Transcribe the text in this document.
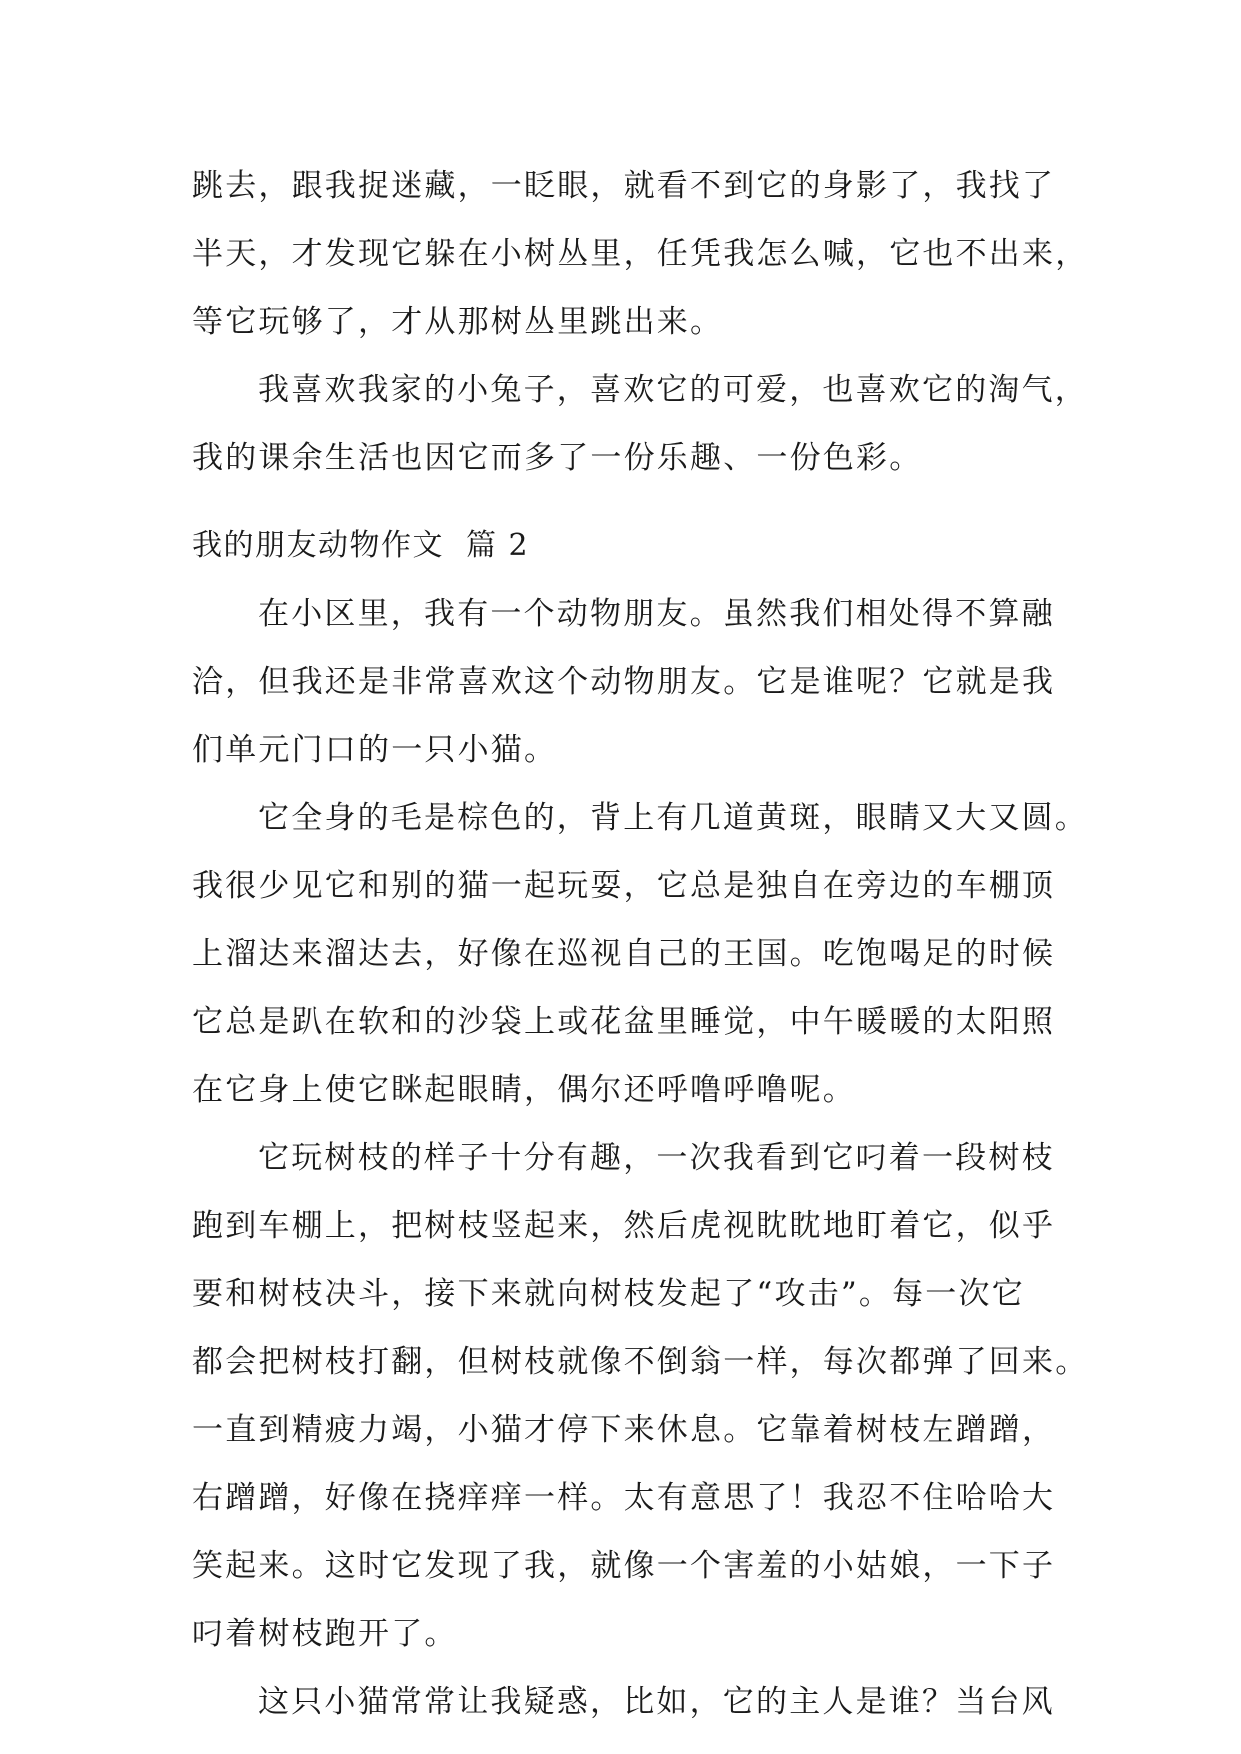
跳去，跟我捉迷藏，一眨眼，就看不到它的身影了，我找了
半天，才发现它躲在小树丛里，任凭我怎么喊，它也不出来，
等它玩够了，才从那树丛里跳出来。
我喜欢我家的小兔子，喜欢它的可爱，也喜欢它的淘气，
我的课余生活也因它而多了一份乐趣、一份色彩。
我的朋友动物作文 篇 2
在小区里，我有一个动物朋友。虽然我们相处得不算融
洽，但我还是非常喜欢这个动物朋友。它是谁呢？它就是我
们单元门口的一只小猫。
它全身的毛是棕色的，背上有几道黄斑，眼睛又大又圆。
我很少见它和别的猫一起玩耍，它总是独自在旁边的车棚顶
上溜达来溜达去，好像在巡视自己的王国。吃饱喝足的时候
它总是趴在软和的沙袋上或花盆里睡觉，中午暖暖的太阳照
在它身上使它眯起眼睛，偶尔还呼噜呼噜呢。
它玩树枝的样子十分有趣，一次我看到它叼着一段树枝
跑到车棚上，把树枝竖起来，然后虎视眈眈地盯着它，似乎
要和树枝决斗，接下来就向树枝发起了“攻击”。每一次它
都会把树枝打翻，但树枝就像不倒翁一样，每次都弹了回来。
一直到精疲力竭，小猫才停下来休息。它靠着树枝左蹭蹭，
右蹭蹭，好像在挠痒痒一样。太有意思了！我忍不住哈哈大
笑起来。这时它发现了我，就像一个害羞的小姑娘，一下子
叼着树枝跑开了。
这只小猫常常让我疑惑，比如，它的主人是谁？当台风
